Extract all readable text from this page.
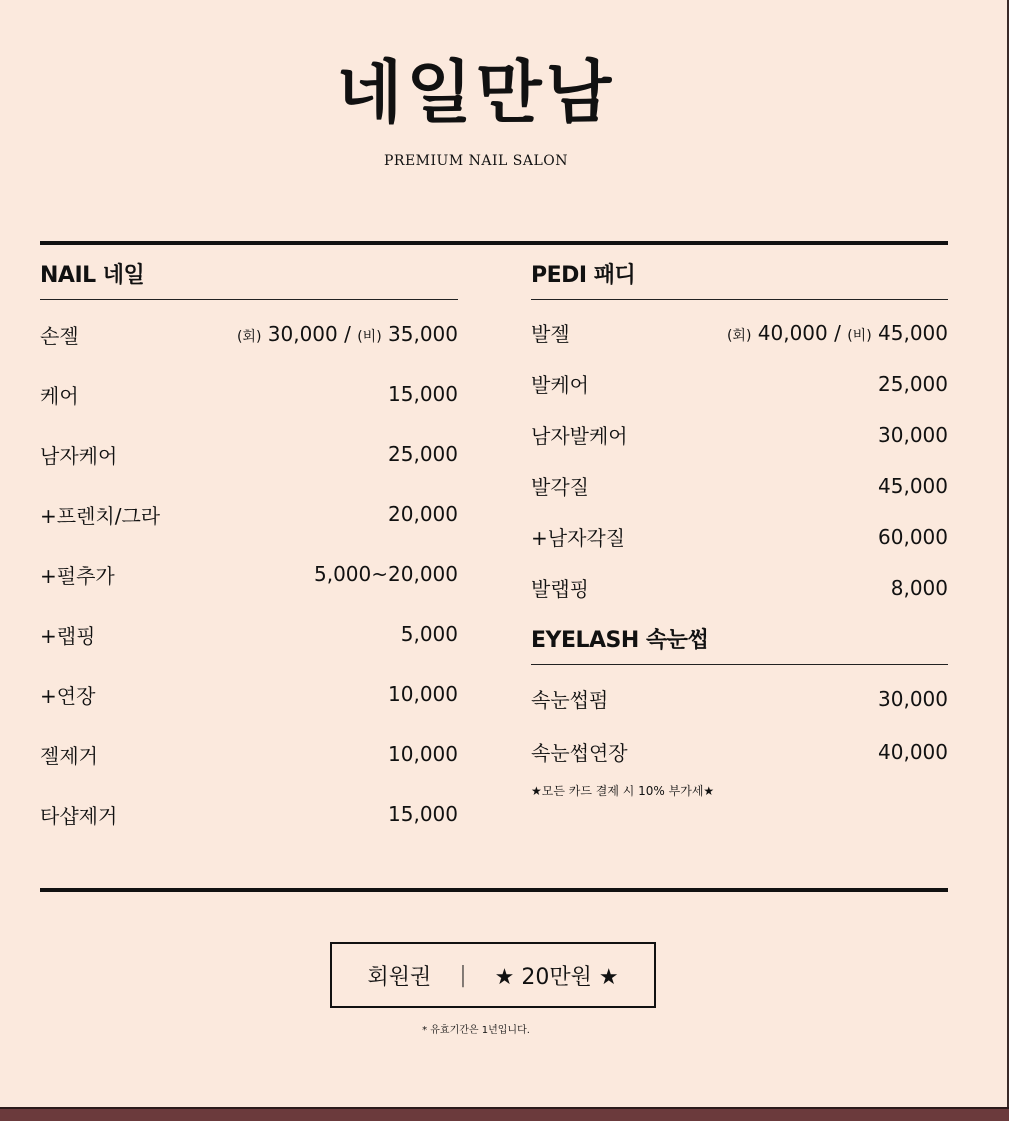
네일만남
PREMIUM NAIL SALON
NAIL 네일
손젤	(회) 30,000 / (비) 35,000
케어	15,000
남자케어	25,000
+프렌치/그라	20,000
+펄추가	5,000~20,000
+랩핑	5,000
+연장	10,000
젤제거	10,000
타샵제거	15,000
PEDI 패디
발젤	(회) 40,000 / (비) 45,000
발케어	25,000
남자발케어	30,000
발각질	45,000
+남자각질	60,000
발랩핑	8,000
EYELASH 속눈썹
속눈썹펌	30,000
속눈썹연장	40,000
★모든 카드 결제 시 10% 부가세★
회원권 | ★ 20만원 ★
* 유효기간은 1년입니다.
